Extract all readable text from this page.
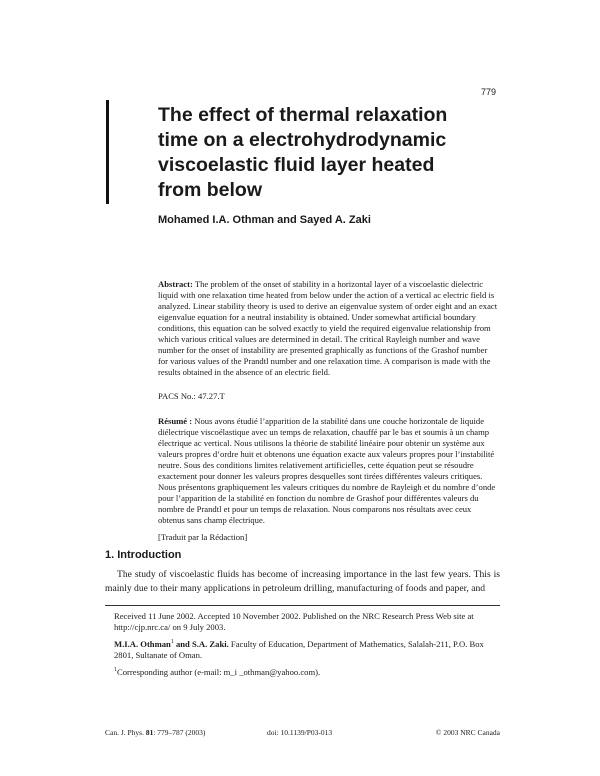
779
The effect of thermal relaxation time on a electrohydrodynamic viscoelastic fluid layer heated from below
Mohamed I.A. Othman and Sayed A. Zaki

Abstract: The problem of the onset of stability in a horizontal layer of a viscoelastic dielectric liquid with one relaxation time heated from below under the action of a vertical ac electric field is analyzed. Linear stability theory is used to derive an eigenvalue system of order eight and an exact eigenvalue equation for a neutral instability is obtained. Under somewhat artificial boundary conditions, this equation can be solved exactly to yield the required eigenvalue relationship from which various critical values are determined in detail. The critical Rayleigh number and wave number for the onset of instability are presented graphically as functions of the Grashof number for various values of the Prandtl number and one relaxation time. A comparison is made with the results obtained in the absence of an electric field.

PACS No.: 47.27.T

Résumé : Nous avons étudié l’apparition de la stabilité dans une couche horizontale de liquide diélectrique viscoélastique avec un temps de relaxation, chauffé par le bas et soumis à un champ électrique ac vertical. Nous utilisons la théorie de stabilité linéaire pour obtenir un système aux valeurs propres d’ordre huit et obtenons une équation exacte aux valeurs propres pour l’instabilité neutre. Sous des conditions limites relativement artificielles, cette équation peut se résoudre exactement pour donner les valeurs propres desquelles sont tirées différentes valeurs critiques. Nous présentons graphiquement les valeurs critiques du nombre de Rayleigh et du nombre d’onde pour l’apparition de la stabilité en fonction du nombre de Grashof pour différentes valeurs du nombre de Prandtl et pour un temps de relaxation. Nous comparons nos résultats avec ceux obtenus sans champ électrique.

[Traduit par la Rédaction]

1. Introduction

The study of viscoelastic fluids has become of increasing importance in the last few years. This is mainly due to their many applications in petroleum drilling, manufacturing of foods and paper, and

Received 11 June 2002. Accepted 10 November 2002. Published on the NRC Research Press Web site at http://cjp.nrc.ca/ on 9 July 2003.

M.I.A. Othman$^1$ and S.A. Zaki. Faculty of Education, Department of Mathematics, Salalah-211, P.O. Box 2801, Sultanate of Oman.

$^1$Corresponding author (e-mail: m_i _othman@yahoo.com).

Can. J. Phys. 81: 779–787 (2003)	doi: 10.1139/P03-013	© 2003 NRC Canada
